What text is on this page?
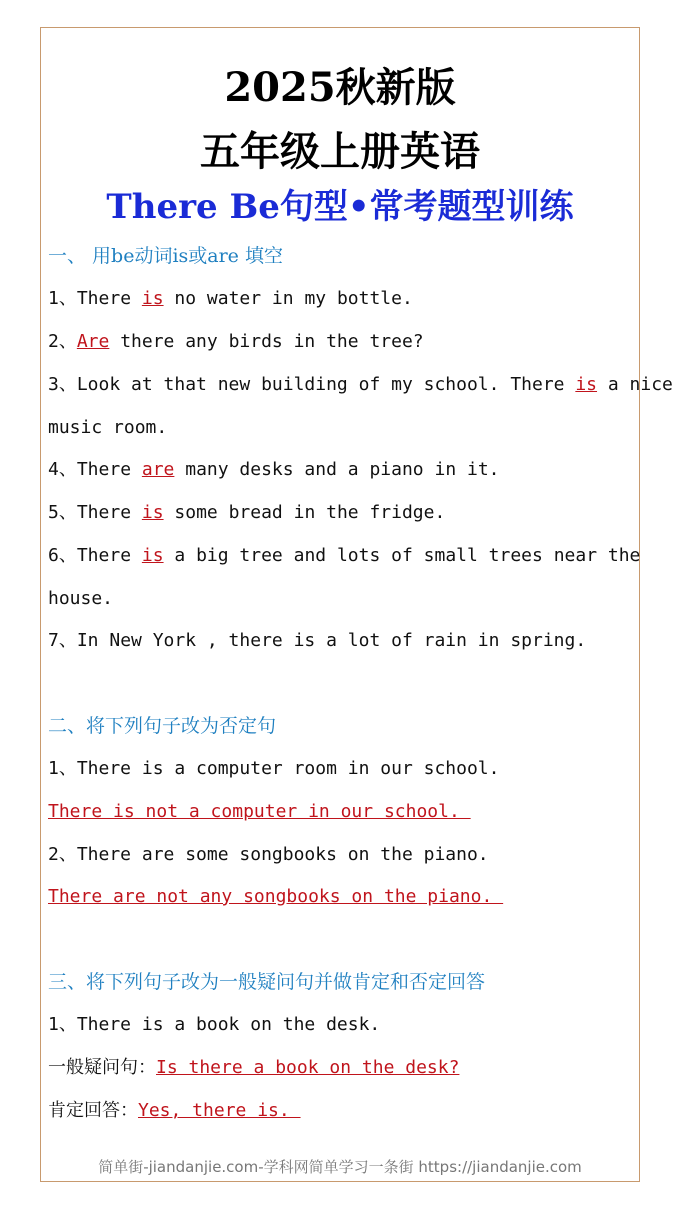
2025秋新版
五年级上册英语
There Be句型•常考题型训练
一、 用be动词is或are 填空
1、There is no water in my bottle.
2、Are there any birds in the tree?
3、Look at that new building of my school. There is a nice
music room.
4、There are many desks and a piano in it.
5、There is some bread in the fridge.
6、There is a big tree and lots of small trees near the
house.
7、In New York , there is a lot of rain in spring.
二、将下列句子改为否定句
1、There is a computer room in our school.
There is not a computer in our school.
2、There are some songbooks on the piano.
There are not any songbooks on the piano.
三、将下列句子改为一般疑问句并做肯定和否定回答
1、There is a book on the desk.
一般疑问句：Is there a book on the desk?
肯定回答：Yes, there is.
简单街-jiandanjie.com-学科网简单学习一条街 https://jiandanjie.com
